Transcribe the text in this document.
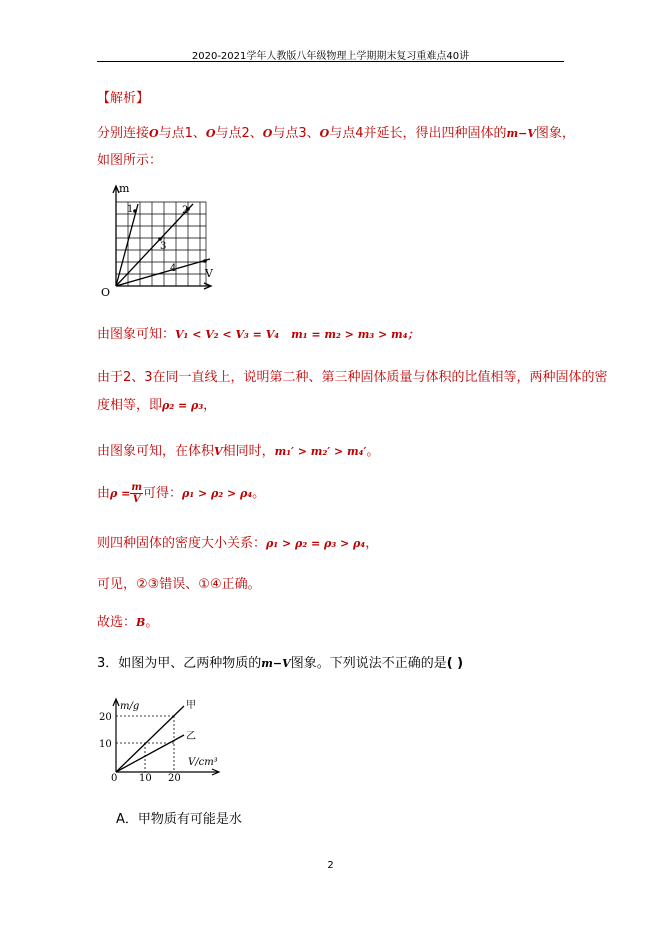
2020-2021学年人教版八年级物理上学期期末复习重难点40讲
【解析】
分别连接O与点1、O与点2、O与点3、O与点4并延长，得出四种固体的m−V图象，
如图所示：
m
V
O
1	2
3
4
由图象可知：V₁ < V₂ < V₃ = V₄ m₁ = m₂ > m₃ > m₄；
由于2、3在同一直线上，说明第二种、第三种固体质量与体积的比值相等，两种固体的密
度相等，即ρ₂ = ρ₃，
由图象可知，在体积V相同时，m₁′ > m₂′ > m₄′。
由$\rho = \frac{m}{V}$ 可得：ρ₁ > ρ₂ > ρ₄。
则四种固体的密度大小关系：ρ₁ > ρ₂ = ρ₃ > ρ₄，
可见，②③错误、①④正确。
故选：B。
3．如图为甲、乙两种物质的m−V图象。下列说法不正确的是( )
m/g
V/cm³
0
20
10
10 20
甲
乙
A．甲物质有可能是水
2
